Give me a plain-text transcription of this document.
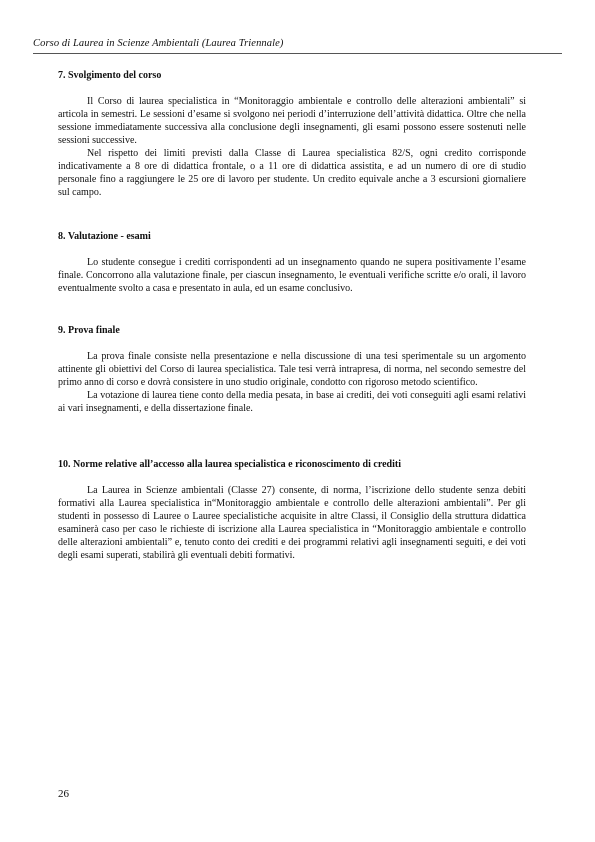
Corso di Laurea in Scienze Ambientali (Laurea Triennale)
7. Svolgimento del corso

Il Corso di laurea specialistica in “Monitoraggio ambientale e controllo delle alterazioni ambientali” si articola in semestri. Le sessioni d’esame si svolgono nei periodi d’interruzione dell’attività didattica. Oltre che nella sessione immediatamente successiva alla conclusione degli insegnamenti, gli esami possono essere sostenuti nelle sessioni successive.

Nel rispetto dei limiti previsti dalla Classe di Laurea specialistica 82/S, ogni credito corrisponde indicativamente a 8 ore di didattica frontale, o a 11 ore di didattica assistita, e ad un numero di ore di studio personale fino a raggiungere le 25 ore di lavoro per studente. Un credito equivale anche a 3 escursioni giornaliere sul campo.

8. Valutazione - esami

Lo studente consegue i crediti corrispondenti ad un insegnamento quando ne supera positivamente l’esame finale. Concorrono alla valutazione finale, per ciascun insegnamento, le eventuali verifiche scritte e/o orali, il lavoro eventualmente svolto a casa e presentato in aula, ed un esame conclusivo.

9. Prova finale

La prova finale consiste nella presentazione e nella discussione di una tesi sperimentale su un argomento attinente gli obiettivi del Corso di laurea specialistica. Tale tesi verrà intrapresa, di norma, nel secondo semestre del primo anno di corso e dovrà consistere in uno studio originale, condotto con rigoroso metodo scientifico.

La votazione di laurea tiene conto della media pesata, in base ai crediti, dei voti conseguiti agli esami relativi ai vari insegnamenti, e della dissertazione finale.

10. Norme relative all’accesso alla laurea specialistica e riconoscimento di crediti

La Laurea in Scienze ambientali (Classe 27) consente, di norma, l’iscrizione dello studente senza debiti formativi alla Laurea specialistica in“Monitoraggio ambientale e controllo delle alterazioni ambientali”. Per gli studenti in possesso di Lauree o Lauree specialistiche acquisite in altre Classi, il Consiglio della struttura didattica esaminerà caso per caso le richieste di iscrizione alla Laurea specialistica in “Monitoraggio ambientale e controllo delle alterazioni ambientali” e, tenuto conto dei crediti e dei programmi relativi agli insegnamenti seguiti, e dei voti degli esami superati, stabilirà gli eventuali debiti formativi.

26
